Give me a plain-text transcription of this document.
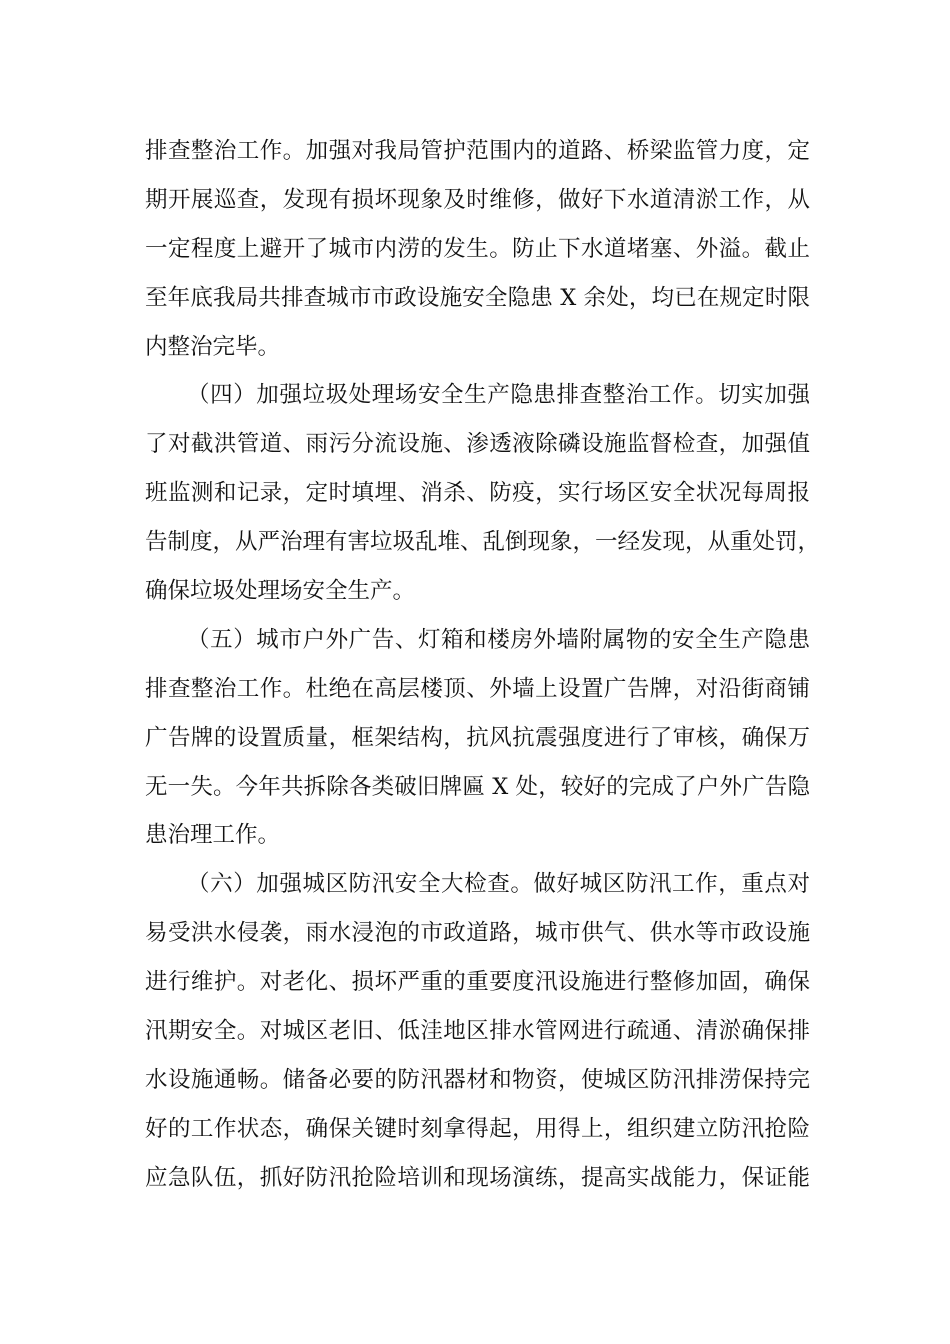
排查整治工作。加强对我局管护范围内的道路、桥梁监管力度，定
期开展巡查，发现有损坏现象及时维修，做好下水道清淤工作，从
一定程度上避开了城市内涝的发生。防止下水道堵塞、外溢。截止
至年底我局共排查城市市政设施安全隐患 X 余处，均已在规定时限
内整治完毕。
（四）加强垃圾处理场安全生产隐患排查整治工作。切实加强
了对截洪管道、雨污分流设施、渗透液除磷设施监督检查，加强值
班监测和记录，定时填埋、消杀、防疫，实行场区安全状况每周报
告制度，从严治理有害垃圾乱堆、乱倒现象，一经发现，从重处罚，
确保垃圾处理场安全生产。
（五）城市户外广告、灯箱和楼房外墙附属物的安全生产隐患
排查整治工作。杜绝在高层楼顶、外墙上设置广告牌，对沿街商铺
广告牌的设置质量，框架结构，抗风抗震强度进行了审核，确保万
无一失。今年共拆除各类破旧牌匾 X 处，较好的完成了户外广告隐
患治理工作。
（六）加强城区防汛安全大检查。做好城区防汛工作，重点对
易受洪水侵袭，雨水浸泡的市政道路，城市供气、供水等市政设施
进行维护。对老化、损坏严重的重要度汛设施进行整修加固，确保
汛期安全。对城区老旧、低洼地区排水管网进行疏通、清淤确保排
水设施通畅。储备必要的防汛器材和物资，使城区防汛排涝保持完
好的工作状态，确保关键时刻拿得起，用得上，组织建立防汛抢险
应急队伍，抓好防汛抢险培训和现场演练，提高实战能力，保证能
